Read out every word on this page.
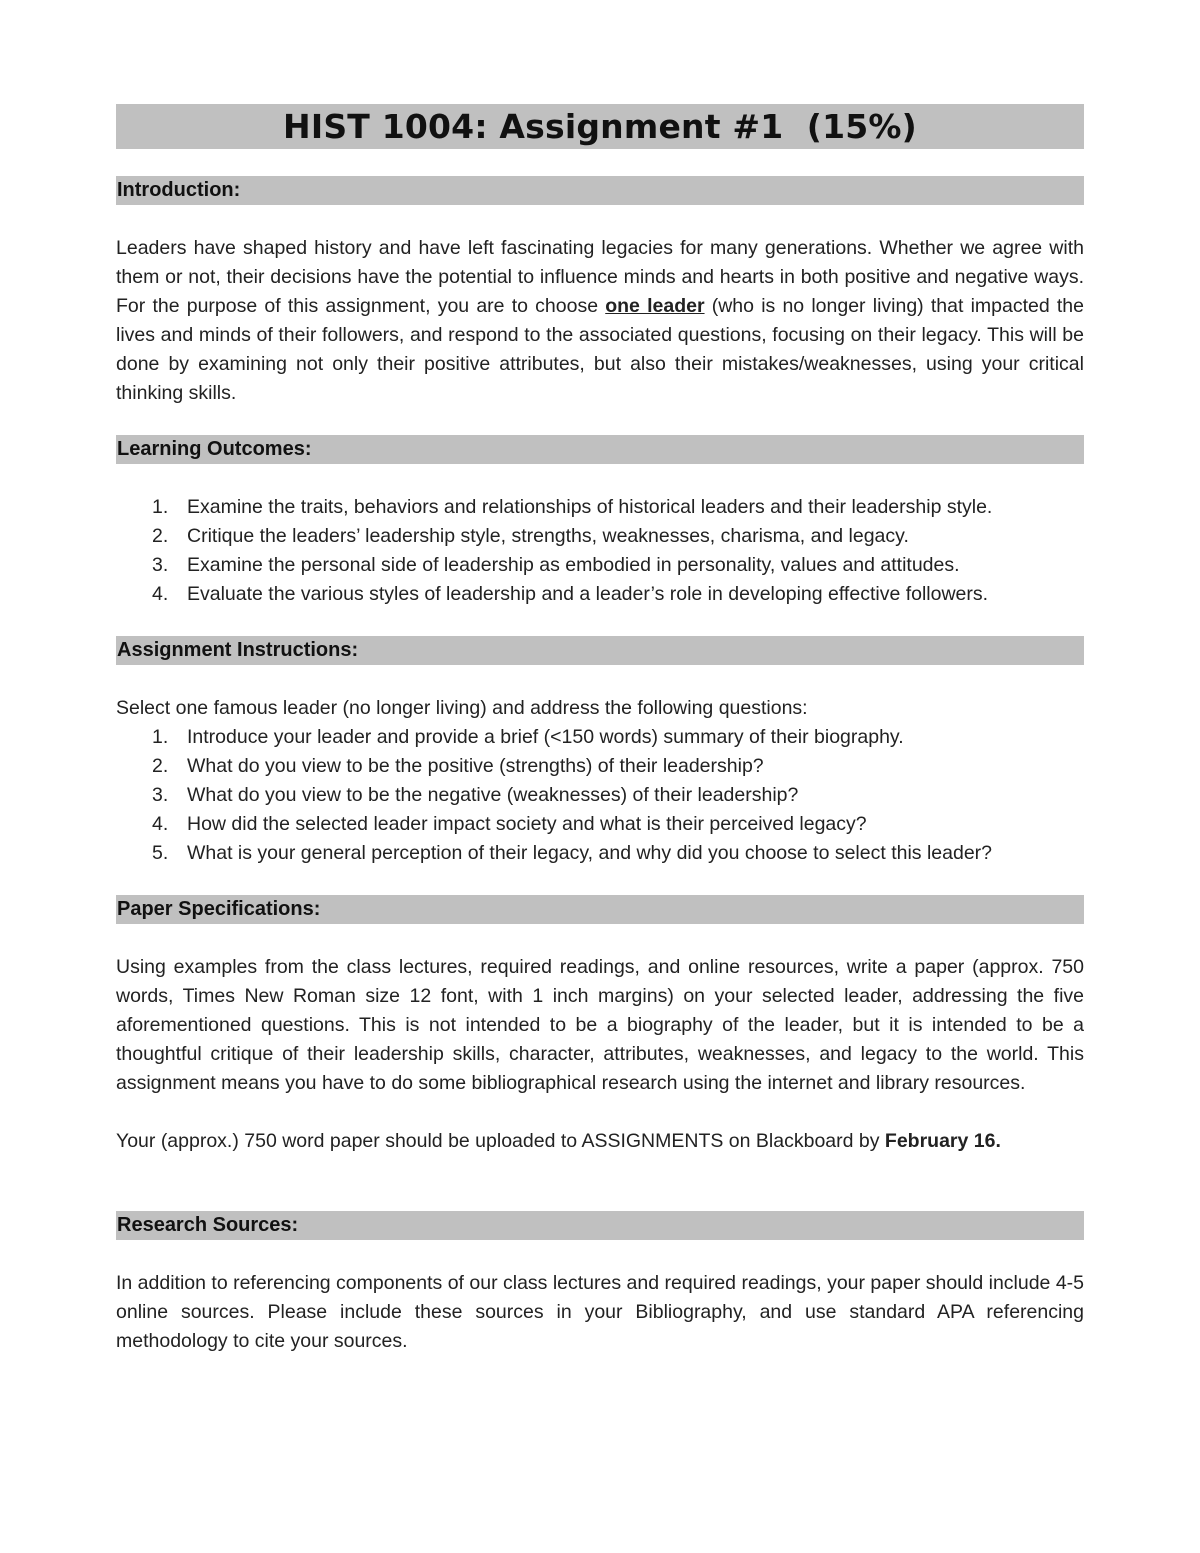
HIST 1004: Assignment #1  (15%)
Introduction:

Leaders have shaped history and have left fascinating legacies for many generations. Whether we agree with them or not, their decisions have the potential to influence minds and hearts in both positive and negative ways. For the purpose of this assignment, you are to choose one leader (who is no longer living) that impacted the lives and minds of their followers, and respond to the associated questions, focusing on their legacy. This will be done by examining not only their positive attributes, but also their mistakes/weaknesses, using your critical thinking skills.

Learning Outcomes:
1. Examine the traits, behaviors and relationships of historical leaders and their leadership style.
2. Critique the leaders’ leadership style, strengths, weaknesses, charisma, and legacy.
3. Examine the personal side of leadership as embodied in personality, values and attitudes.
4. Evaluate the various styles of leadership and a leader’s role in developing effective followers.
Assignment Instructions:

Select one famous leader (no longer living) and address the following questions:

1. Introduce your leader and provide a brief (<150 words) summary of their biography.
2. What do you view to be the positive (strengths) of their leadership?
3. What do you view to be the negative (weaknesses) of their leadership?
4. How did the selected leader impact society and what is their perceived legacy?
5. What is your general perception of their legacy, and why did you choose to select this leader?
Paper Specifications:

Using examples from the class lectures, required readings, and online resources, write a paper (approx. 750 words, Times New Roman size 12 font, with 1 inch margins) on your selected leader, addressing the five aforementioned questions. This is not intended to be a biography of the leader, but it is intended to be a thoughtful critique of their leadership skills, character, attributes, weaknesses, and legacy to the world. This assignment means you have to do some bibliographical research using the internet and library resources.

Your (approx.) 750 word paper should be uploaded to ASSIGNMENTS on Blackboard by February 16.

Research Sources:

In addition to referencing components of our class lectures and required readings, your paper should include 4-5 online sources. Please include these sources in your Bibliography, and use standard APA referencing methodology to cite your sources.
